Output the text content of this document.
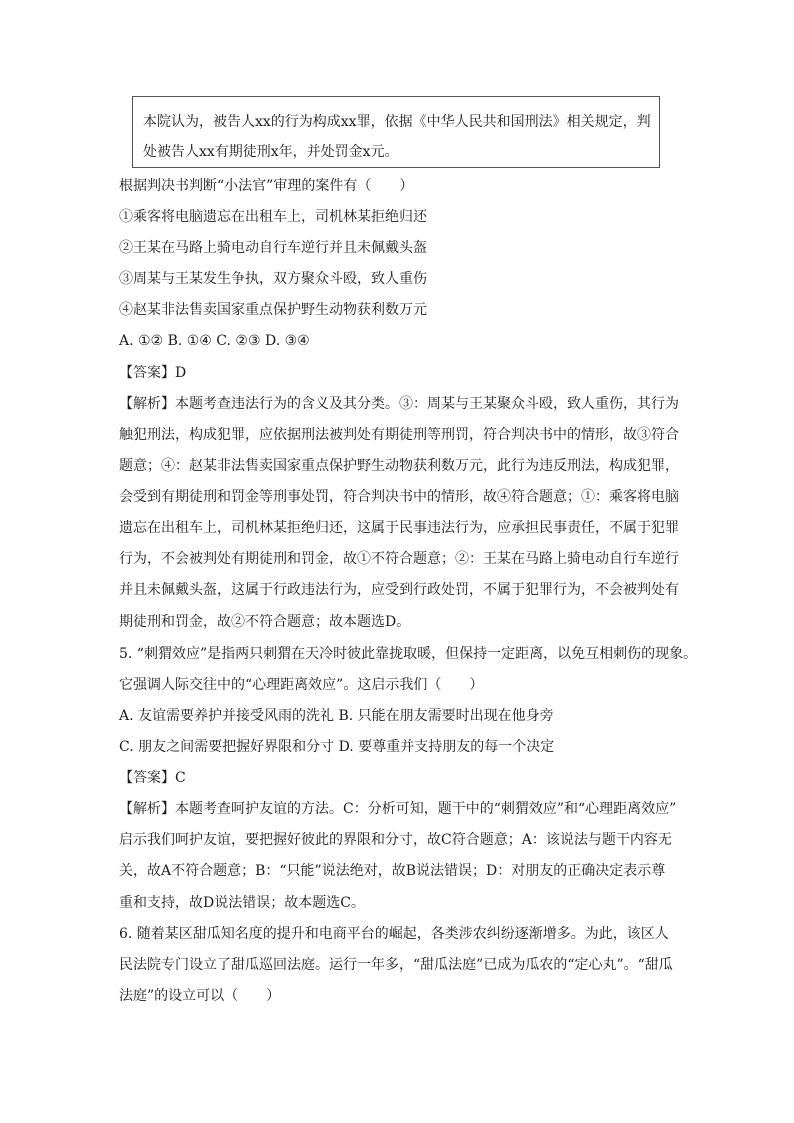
本院认为，被告人xx的行为构成xx罪，依据《中华人民共和国刑法》相关规定，判
处被告人xx有期徒刑x年，并处罚金x元。
根据判决书判断“小法官”审理的案件有（　　）
①乘客将电脑遗忘在出租车上，司机林某拒绝归还
②王某在马路上骑电动自行车逆行并且未佩戴头盔
③周某与王某发生争执，双方聚众斗殴，致人重伤
④赵某非法售卖国家重点保护野生动物获利数万元
A. ①② B. ①④ C. ②③ D. ③④
【答案】D
【解析】本题考查违法行为的含义及其分类。③：周某与王某聚众斗殴，致人重伤，其行为
触犯刑法，构成犯罪，应依据刑法被判处有期徒刑等刑罚，符合判决书中的情形，故③符合
题意；④：赵某非法售卖国家重点保护野生动物获利数万元，此行为违反刑法，构成犯罪，
会受到有期徒刑和罚金等刑事处罚，符合判决书中的情形，故④符合题意；①：乘客将电脑
遗忘在出租车上，司机林某拒绝归还，这属于民事违法行为，应承担民事责任，不属于犯罪
行为，不会被判处有期徒刑和罚金，故①不符合题意；②：王某在马路上骑电动自行车逆行
并且未佩戴头盔，这属于行政违法行为，应受到行政处罚，不属于犯罪行为，不会被判处有
期徒刑和罚金，故②不符合题意；故本题选D。
5. “刺猬效应”是指两只刺猬在天冷时彼此靠拢取暖，但保持一定距离，以免互相刺伤的现象。
它强调人际交往中的“心理距离效应”。这启示我们（　　）
A. 友谊需要养护并接受风雨的洗礼 B. 只能在朋友需要时出现在他身旁
C. 朋友之间需要把握好界限和分寸 D. 要尊重并支持朋友的每一个决定
【答案】C
【解析】本题考查呵护友谊的方法。C：分析可知，题干中的“刺猬效应”和“心理距离效应”
启示我们呵护友谊，要把握好彼此的界限和分寸，故C符合题意；A：该说法与题干内容无
关，故A不符合题意；B：“只能”说法绝对，故B说法错误；D：对朋友的正确决定表示尊
重和支持，故D说法错误；故本题选C。
6. 随着某区甜瓜知名度的提升和电商平台的崛起，各类涉农纠纷逐渐增多。为此，该区人
民法院专门设立了甜瓜巡回法庭。运行一年多，“甜瓜法庭”已成为瓜农的“定心丸”。“甜瓜
法庭”的设立可以（　　）
